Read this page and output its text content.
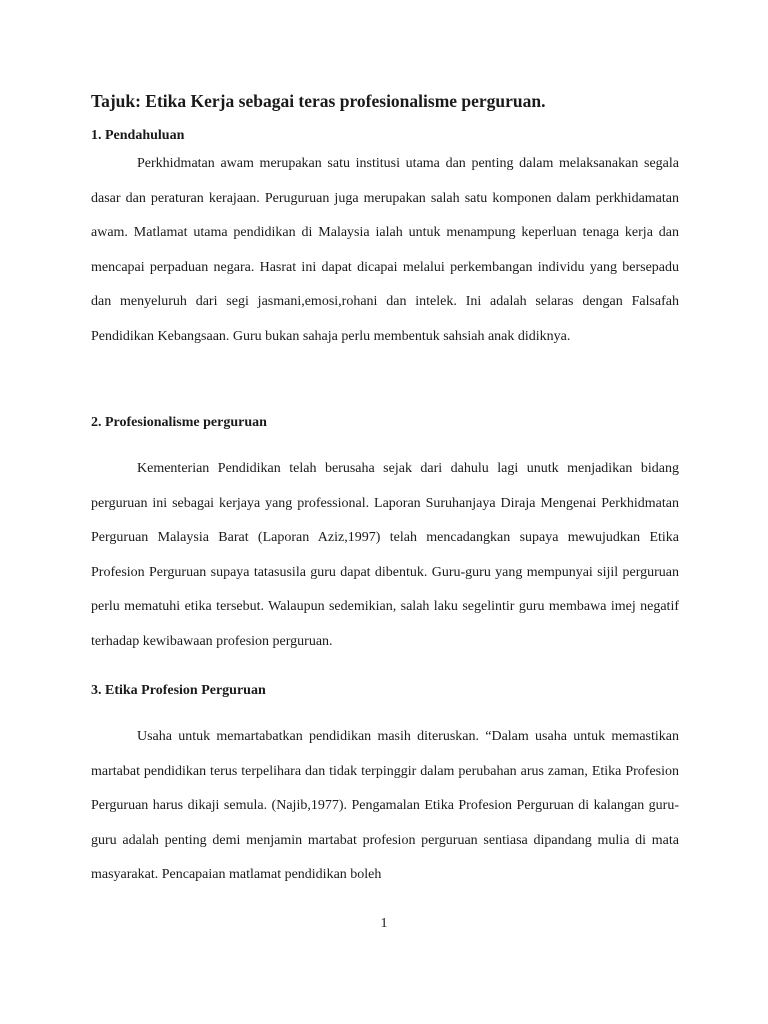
Tajuk: Etika Kerja sebagai teras profesionalisme perguruan.
1. Pendahuluan

Perkhidmatan awam merupakan satu institusi utama dan penting dalam melaksanakan segala dasar dan peraturan kerajaan. Peruguruan juga merupakan salah satu komponen dalam perkhidamatan awam. Matlamat utama pendidikan di Malaysia ialah untuk menampung keperluan tenaga kerja dan mencapai perpaduan negara. Hasrat ini dapat dicapai melalui perkembangan individu yang bersepadu dan menyeluruh dari segi jasmani,emosi,rohani dan intelek. Ini adalah selaras dengan Falsafah Pendidikan Kebangsaan. Guru bukan sahaja perlu membentuk sahsiah anak didiknya.

2. Profesionalisme perguruan

Kementerian Pendidikan telah berusaha sejak dari dahulu lagi unutk menjadikan bidang perguruan ini sebagai kerjaya yang professional. Laporan Suruhanjaya Diraja Mengenai Perkhidmatan Perguruan Malaysia Barat (Laporan Aziz,1997) telah mencadangkan supaya mewujudkan Etika Profesion Perguruan supaya tatasusila guru dapat dibentuk. Guru-guru yang mempunyai sijil perguruan perlu mematuhi etika tersebut. Walaupun sedemikian, salah laku segelintir guru membawa imej negatif terhadap kewibawaan profesion perguruan.

3. Etika Profesion Perguruan

Usaha untuk memartabatkan pendidikan masih diteruskan. “Dalam usaha untuk memastikan martabat pendidikan terus terpelihara dan tidak terpinggir dalam perubahan arus zaman, Etika Profesion Perguruan harus dikaji semula. (Najib,1977). Pengamalan Etika Profesion Perguruan di kalangan guru-guru adalah penting demi menjamin martabat profesion perguruan sentiasa dipandang mulia di mata masyarakat. Pencapaian matlamat pendidikan boleh

1
